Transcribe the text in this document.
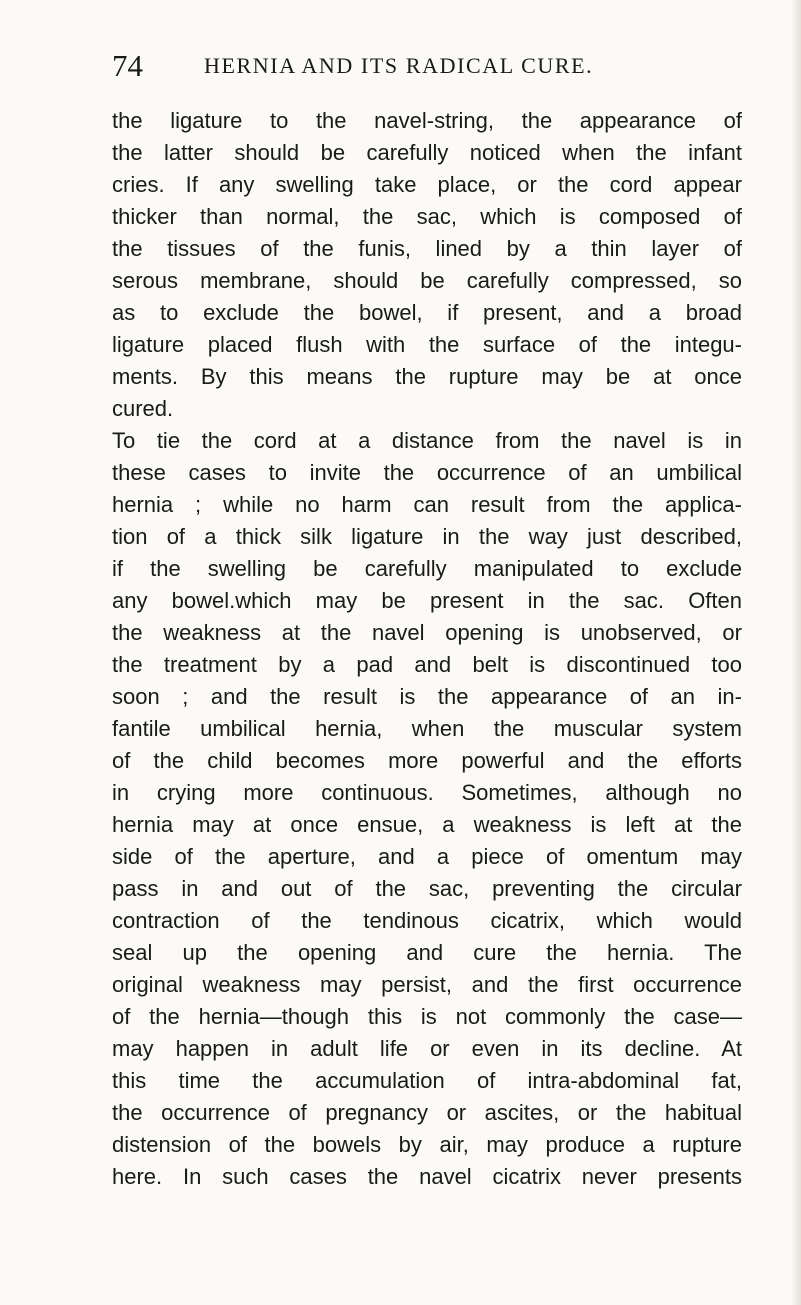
74	HERNIA AND ITS RADICAL CURE.
the ligature to the navel-string, the appearance of
the latter should be carefully noticed when the infant
cries. If any swelling take place, or the cord appear
thicker than normal, the sac, which is composed of
the tissues of the funis, lined by a thin layer of
serous membrane, should be carefully compressed, so
as to exclude the bowel, if present, and a broad
ligature placed flush with the surface of the integu-
ments. By this means the rupture may be at once
cured.
To tie the cord at a distance from the navel is in
these cases to invite the occurrence of an umbilical
hernia ; while no harm can result from the applica-
tion of a thick silk ligature in the way just described,
if the swelling be carefully manipulated to exclude
any bowel.which may be present in the sac. Often
the weakness at the navel opening is unobserved, or
the treatment by a pad and belt is discontinued too
soon ; and the result is the appearance of an in-
fantile umbilical hernia, when the muscular system
of the child becomes more powerful and the efforts
in crying more continuous. Sometimes, although no
hernia may at once ensue, a weakness is left at the
side of the aperture, and a piece of omentum may
pass in and out of the sac, preventing the circular
contraction of the tendinous cicatrix, which would
seal up the opening and cure the hernia. The
original weakness may persist, and the first occurrence
of the hernia—though this is not commonly the case—
may happen in adult life or even in its decline. At
this time the accumulation of intra-abdominal fat,
the occurrence of pregnancy or ascites, or the habitual
distension of the bowels by air, may produce a rupture
here. In such cases the navel cicatrix never presents
